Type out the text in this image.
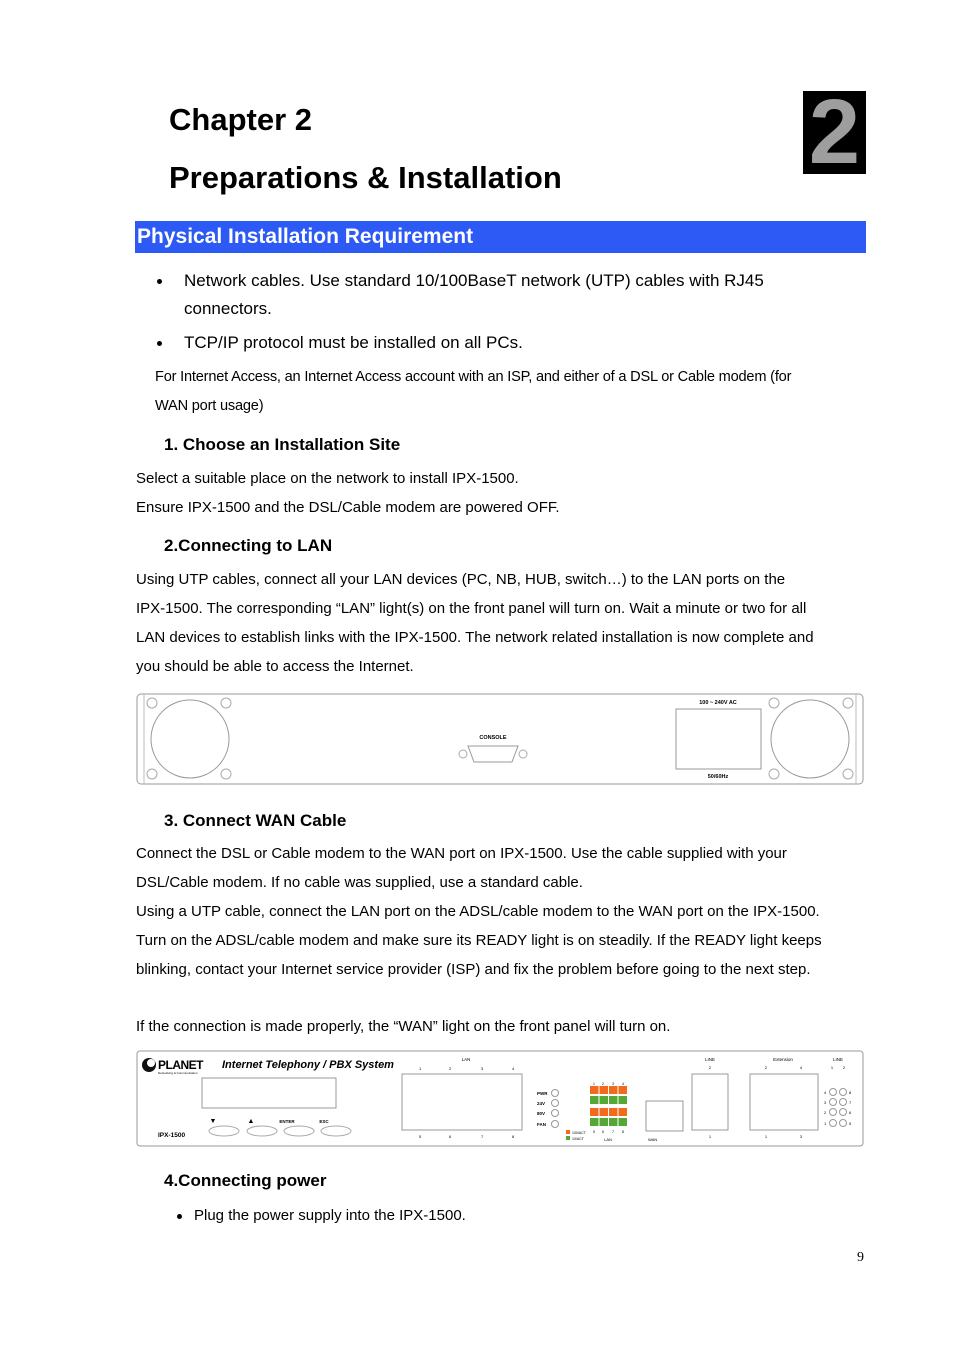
Chapter 2
Preparations & Installation	2
Physical Installation Requirement
Network cables. Use standard 10/100BaseT network (UTP) cables with RJ45
connectors.
TCP/IP protocol must be installed on all PCs.
For Internet Access, an Internet Access account with an ISP, and either of a DSL or Cable modem (for
WAN port usage)
1. Choose an Installation Site
Select a suitable place on the network to install IPX-1500.
Ensure IPX-1500 and the DSL/Cable modem are powered OFF.
2.Connecting to LAN
Using UTP cables, connect all your LAN devices (PC, NB, HUB, switch…) to the LAN ports on the
IPX-1500. The corresponding “LAN” light(s) on the front panel will turn on. Wait a minute or two for all
LAN devices to establish links with the IPX-1500. The network related installation is now complete and
you should be able to access the Internet.
CONSOLE
100 ~ 240V AC
50/60Hz
3. Connect WAN Cable
Connect the DSL or Cable modem to the WAN port on IPX-1500. Use the cable supplied with your
DSL/Cable modem. If no cable was supplied, use a standard cable.
Using a UTP cable, connect the LAN port on the ADSL/cable modem to the WAN port on the IPX-1500.
Turn on the ADSL/cable modem and make sure its READY light is on steadily. If the READY light keeps
blinking, contact your Internet service provider (ISP) and fix the problem before going to the next step.
If the connection is made properly, the “WAN” light on the front panel will turn on.
PLANET
Networking & Communication
Internet Telephony / PBX System
IPX-1500
▼	▲	ENTER	ESC
LAN
1	2	3	4
5	6	7	8
PWR
24V
80V
FAN
100/ACT
10/ACT
1 2 3 4
5 6 7 8
LAN	WAN
LINE
2
1
Extension
2	4
1	3
LINE
1 2
4
3
2
1
8
7
6
5
4.Connecting power
Plug the power supply into the IPX-1500.
9
